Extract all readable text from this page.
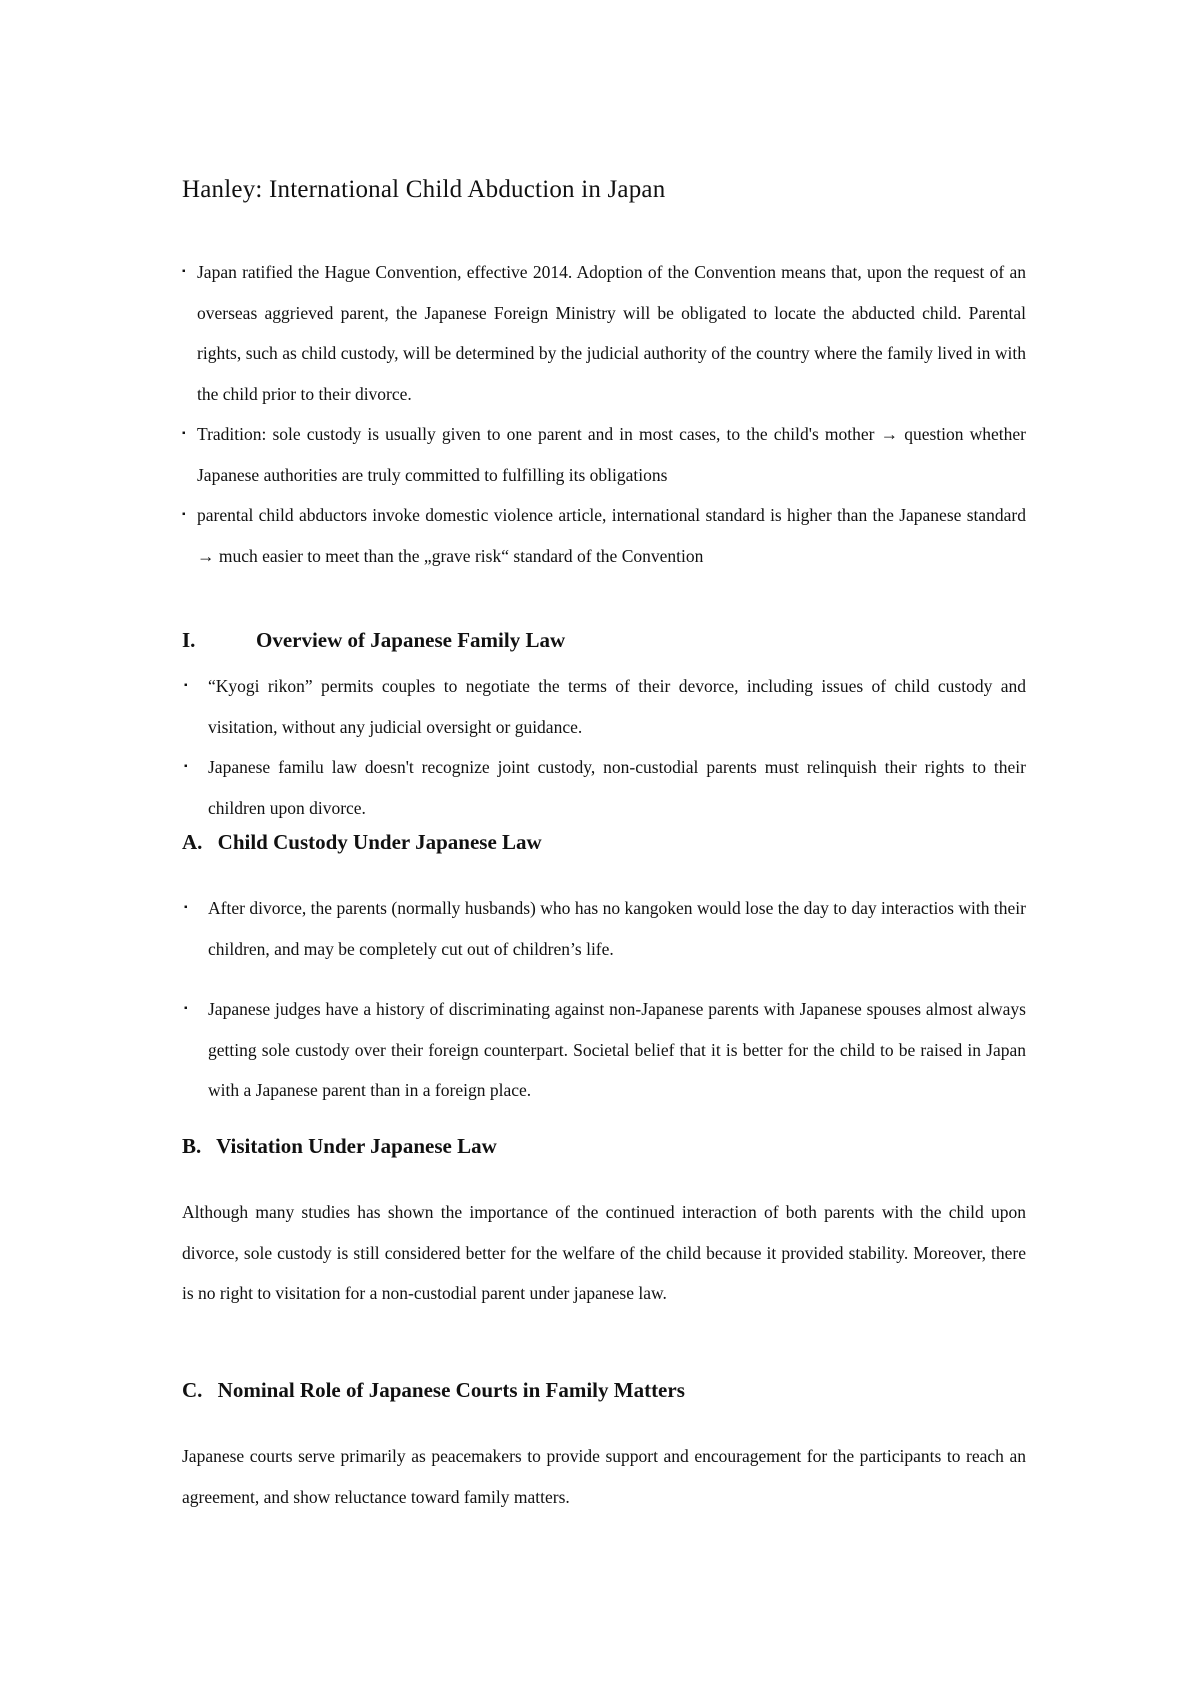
Hanley: International Child Abduction in Japan
▪ Japan ratified the Hague Convention, effective 2014. Adoption of the Convention means that, upon the request of an overseas aggrieved parent, the Japanese Foreign Ministry will be obligated to locate the abducted child. Parental rights, such as child custody, will be determined by the judicial authority of the country where the family lived in with the child prior to their divorce.
▪ Tradition: sole custody is usually given to one parent and in most cases, to the child's mother → question whether Japanese authorities are truly committed to fulfilling its obligations
▪ parental child abductors invoke domestic violence article, international standard is higher than the Japanese standard → much easier to meet than the „grave risk“ standard of the Convention
I.	Overview of Japanese Family Law
▪ “Kyogi rikon” permits couples to negotiate the terms of their devorce, including issues of child custody and visitation, without any judicial oversight or guidance.
▪ Japanese familu law doesn't recognize joint custody, non-custodial parents must relinquish their rights to their children upon divorce.
A. Child Custody Under Japanese Law
▪ After divorce, the parents (normally husbands) who has no kangoken would lose the day to day interactios with their children, and may be completely cut out of children’s life.
▪ Japanese judges have a history of discriminating against non-Japanese parents with Japanese spouses almost always getting sole custody over their foreign counterpart. Societal belief that it is better for the child to be raised in Japan with a Japanese parent than in a foreign place.
B. Visitation Under Japanese Law

Although many studies has shown the importance of the continued interaction of both parents with the child upon divorce, sole custody is still considered better for the welfare of the child because it provided stability. Moreover, there is no right to visitation for a non-custodial parent under japanese law.

C. Nominal Role of Japanese Courts in Family Matters

Japanese courts serve primarily as peacemakers to provide support and encouragement for the participants to reach an agreement, and show reluctance toward family matters.
